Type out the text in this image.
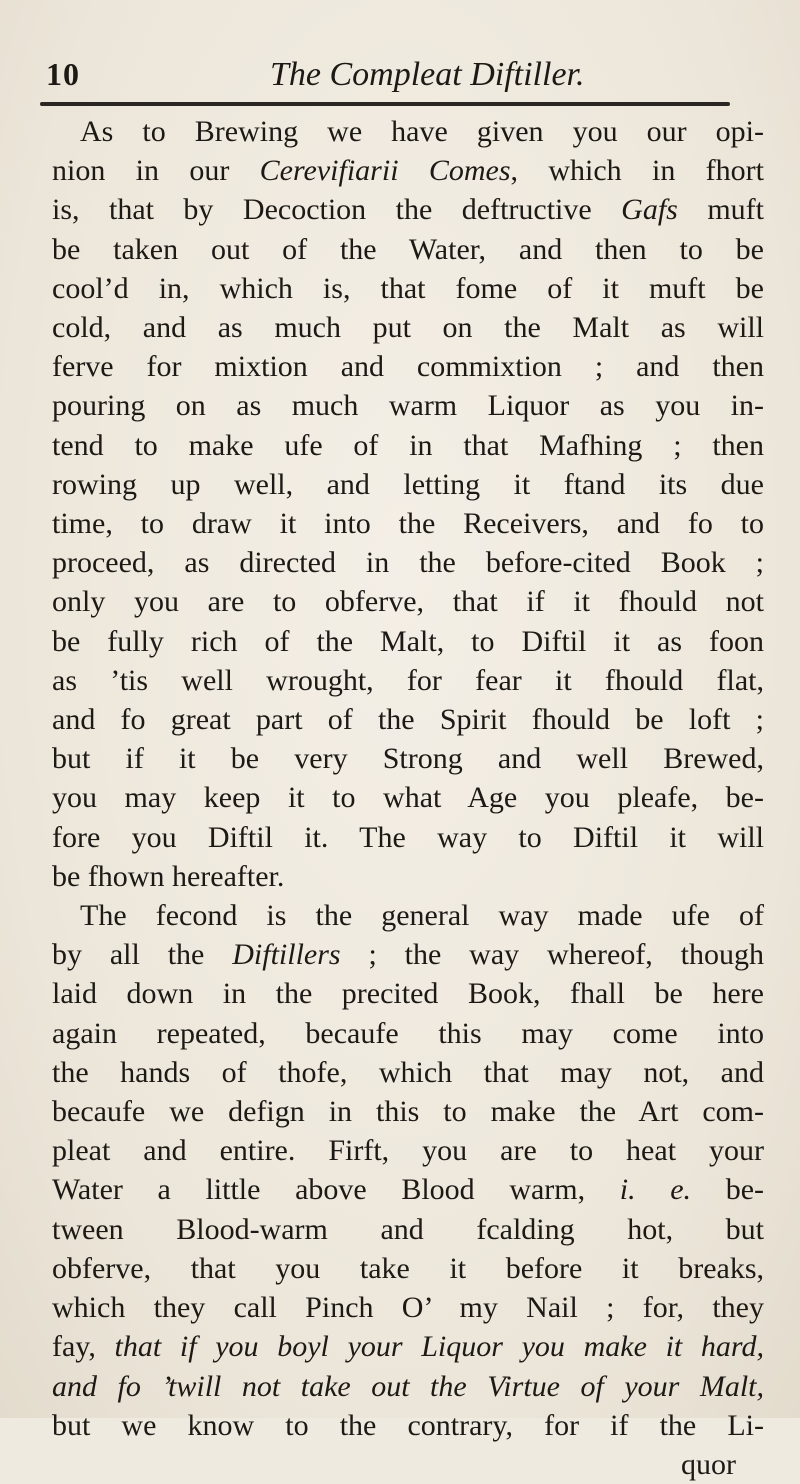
10	The Compleat Diftiller.
As to Brewing we have given you our opi-
nion in our Cerevifiarii Comes, which in fhort
is, that by Decoction the deftructive Gafs muft
be taken out of the Water, and then to be
cool’d in, which is, that fome of it muft be
cold, and as much put on the Malt as will
ferve for mixtion and commixtion ; and then
pouring on as much warm Liquor as you in-
tend to make ufe of in that Mafhing ; then
rowing up well, and letting it ftand its due
time, to draw it into the Receivers, and fo to
proceed, as directed in the before-cited Book ;
only you are to obferve, that if it fhould not
be fully rich of the Malt, to Diftil it as foon
as ’tis well wrought, for fear it fhould flat,
and fo great part of the Spirit fhould be loft ;
but if it be very Strong and well Brewed,
you may keep it to what Age you pleafe, be-
fore you Diftil it. The way to Diftil it will
be fhown hereafter.
The fecond is the general way made ufe of
by all the Diftillers ; the way whereof, though
laid down in the precited Book, fhall be here
again repeated, becaufe this may come into
the hands of thofe, which that may not, and
becaufe we defign in this to make the Art com-
pleat and entire. Firft, you are to heat your
Water a little above Blood warm, i. e. be-
tween Blood-warm and fcalding hot, but
obferve, that you take it before it breaks,
which they call Pinch O’ my Nail ; for, they
fay, that if you boyl your Liquor you make it hard,
and fo ’twill not take out the Virtue of your Malt,
but we know to the contrary, for if the Li-
quor
